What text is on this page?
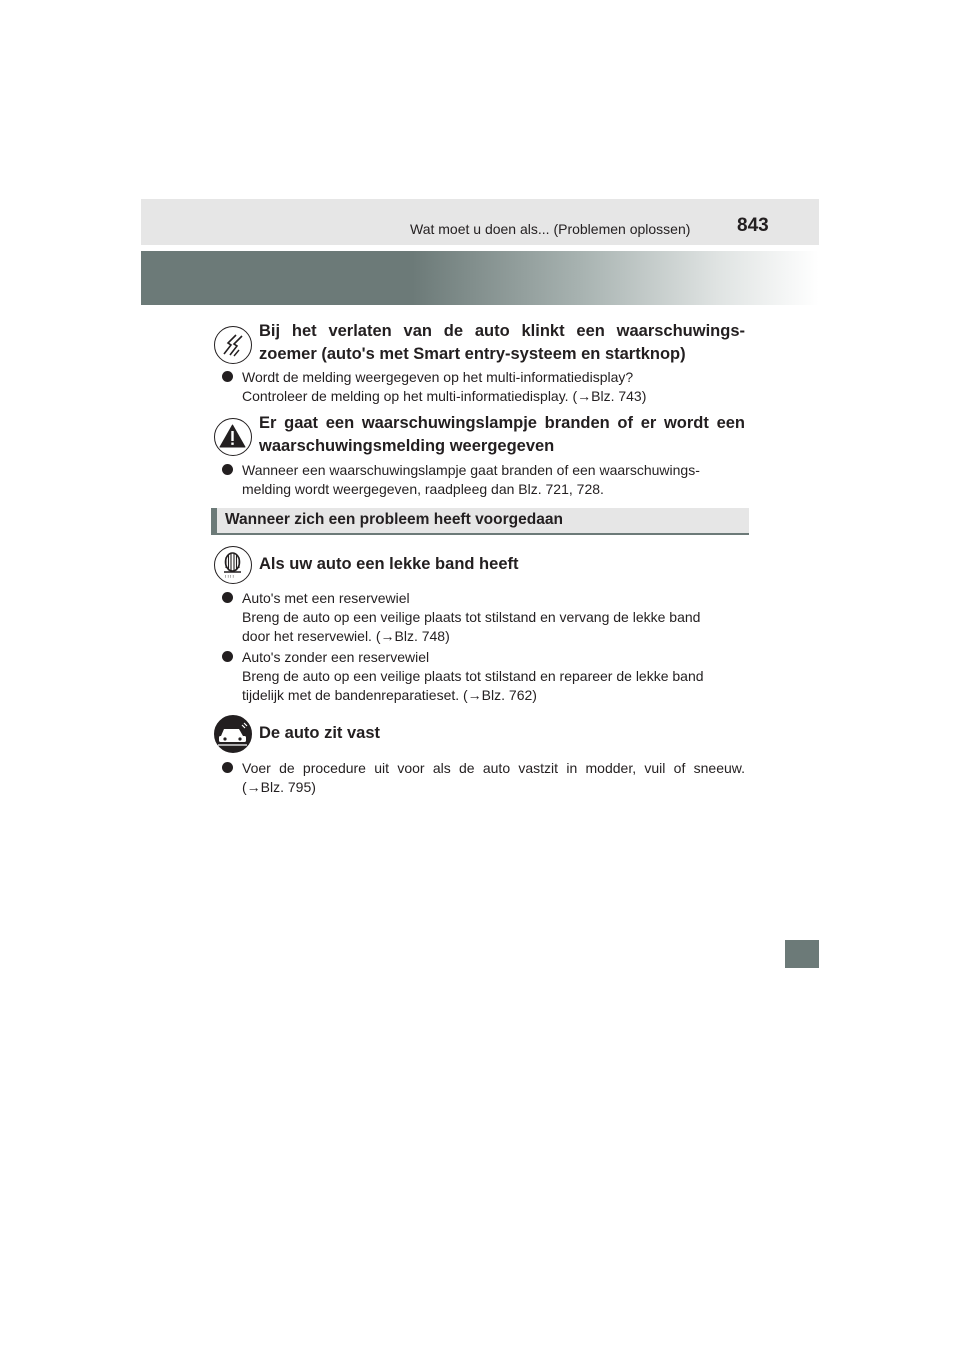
Wat moet u doen als... (Problemen oplossen) 843
Bij het verlaten van de auto klinkt een waarschuwings-
zoemer (auto's met Smart entry-systeem en startknop)
Wordt de melding weergegeven op het multi-informatiedisplay?
Controleer de melding op het multi-informatiedisplay. (→Blz. 743)
Er gaat een waarschuwingslampje branden of er wordt een
waarschuwingsmelding weergegeven
Wanneer een waarschuwingslampje gaat branden of een waarschuwings-
melding wordt weergegeven, raadpleeg dan Blz. 721, 728.
Wanneer zich een probleem heeft voorgedaan
! ! ! !
Als uw auto een lekke band heeft
Auto's met een reservewiel
Breng de auto op een veilige plaats tot stilstand en vervang de lekke band
door het reservewiel. (→Blz. 748)
Auto's zonder een reservewiel
Breng de auto op een veilige plaats tot stilstand en repareer de lekke band
tijdelijk met de bandenreparatieset. (→Blz. 762)
De auto zit vast
Voer de procedure uit voor als de auto vastzit in modder, vuil of sneeuw.
(→Blz. 795)
